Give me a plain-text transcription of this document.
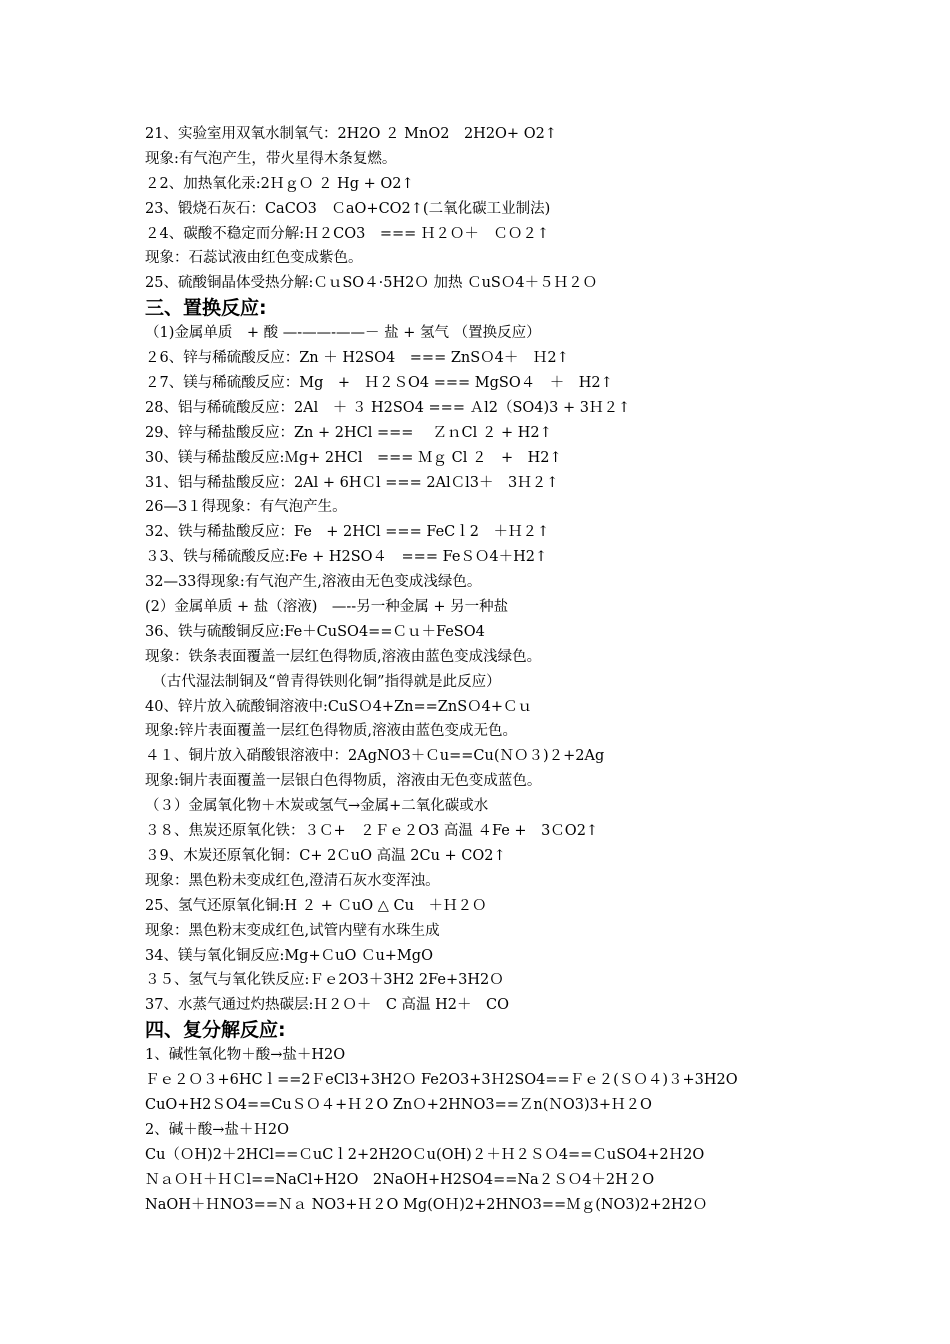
21、实验室用双氧水制氧气：2H2O ２ MnO2　2H2O+ O2↑
现象:有气泡产生，带火星得木条复燃。
２2、加热氧化汞:2ＨｇＯ ２ Hg + O2↑
23、锻烧石灰石：CaCO3　ＣaO+CO2↑(二氧化碳工业制法)
２4、碳酸不稳定而分解:Ｈ２CO3　=== Ｈ２Ｏ＋　ＣＯ２↑
现象：石蕊试液由红色变成紫色。
25、硫酸铜晶体受热分解:ＣｕSO４·5H2Ｏ 加热 ＣuSＯ4＋５Ｈ２Ｏ
三、置换反应:
（1)金属单质　+ 酸 —-——-——－ 盐 + 氢气 （置换反应）
２6、锌与稀硫酸反应：Zn ＋ H2SO4　=== ZnSＯ4＋　Ｈ2↑
２7、镁与稀硫酸反应：Mg　+　Ｈ２ＳO4 === MgSO４　＋　H2↑
28、铝与稀硫酸反应：2Al　＋ ３ H2SO4 === Ａl2（SO4)3 + 3Ｈ２↑
29、锌与稀盐酸反应：Zn + 2HCl ===　 ＺｎCl ２ + H2↑
30、镁与稀盐酸反应:Ｍg+ 2HCl　=== Ｍｇ Cl ２　+　H2↑
31、铝与稀盐酸反应：2Al + 6HＣl === 2AlＣl3＋　3Ｈ２↑
26—3１得现象：有气泡产生。
32、铁与稀盐酸反应：Fe　+ 2HCl === FeCｌ2　＋Ｈ２↑
３3、铁与稀硫酸反应:Fe + H2SO４　=== FeＳＯ4＋H2↑
32—33得现象:有气泡产生,溶液由无色变成浅绿色。
(2）金属单质 + 盐（溶液)　—--另一种金属 + 另一种盐
36、铁与硫酸铜反应:Fe＋CuSO4==Ｃｕ＋FeSO4
现象：铁条表面覆盖一层红色得物质,溶液由蓝色变成浅绿色。
　（古代湿法制铜及“曾青得铁则化铜”指得就是此反应）
40、锌片放入硫酸铜溶液中:CuSＯ4+Zn==ZnSＯ4+Ｃｕ
现象:锌片表面覆盖一层红色得物质,溶液由蓝色变成无色。
４１、铜片放入硝酸银溶液中：2AgNO3＋Ｃu==Cu(ＮＯ３)２+2Ag
现象:铜片表面覆盖一层银白色得物质，溶液由无色变成蓝色。
（３）金属氧化物＋木炭或氢气→金属+二氧化碳或水
３８、焦炭还原氧化铁：３Ｃ+　２Ｆｅ２O3 高温 ４Fe +　3ＣO2↑
３9、木炭还原氧化铜：C+ 2ＣuO 高温 2Cu + CO2↑
现象：黑色粉未变成红色,澄清石灰水变浑浊。
25、氢气还原氧化铜:H ２ + ＣuO △ Cu　＋Ｈ２Ｏ
现象：黑色粉末变成红色,试管内壁有水珠生成
34、镁与氧化铜反应:Mg+ＣuO Ｃu+MgO
３５、氢气与氧化铁反应:Ｆｅ2O3＋3H2 2Fe+3H2Ｏ
37、水蒸气通过灼热碳层:Ｈ２Ｏ＋　C 高温 H2＋　CO
四、复分解反应:
1、碱性氧化物＋酸→盐＋H2O
Ｆｅ２Ｏ３+6HCｌ==2ＦeCl3+3H2Ｏ Fe2O3+3Ｈ2SO4==Ｆｅ２(ＳＯ４)３+3H2O
CuO+H2ＳO4==CuＳＯ４+Ｈ２O ZnＯ+2HNO3==Ｚn(ＮO3)3+Ｈ２O
2、碱＋酸→盐＋Ｈ2O
Cu（ＯH)2＋2HCl==ＣuCｌ2+2H2OＣu(OH)２＋Ｈ２ＳＯ4==ＣuSO4+2Ｈ2O
ＮａＯＨ＋ＨＣl==NaCl+H2O　2NaOH+H2SO4==Na２ＳＯ4＋2H２O
NaOH＋ＨNO3==Ｎａ NO3+Ｈ２O Mg(OＨ)2+2HNO3==Ｍｇ(NO3)2+2H2Ｏ
